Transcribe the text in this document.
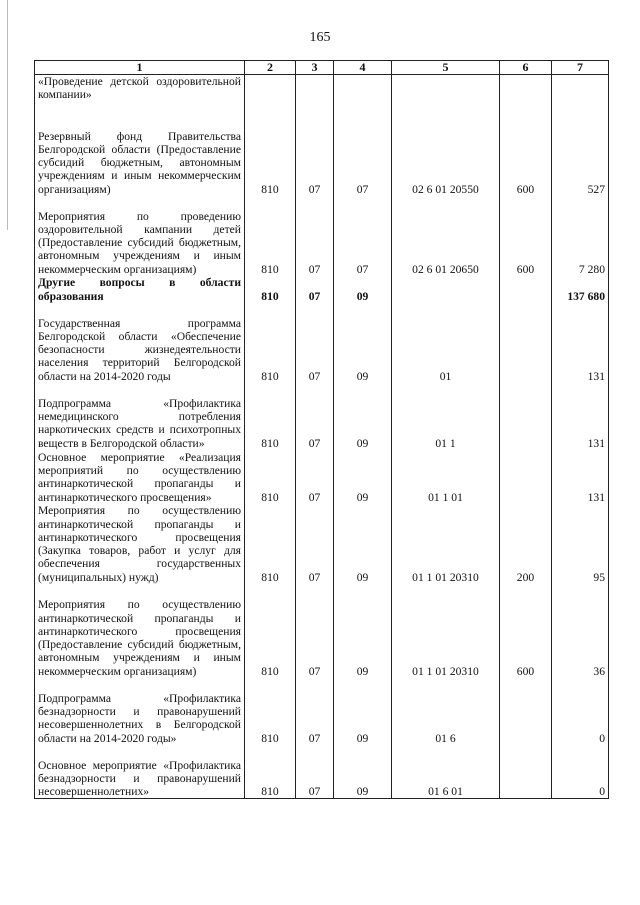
165
1	2	3	4	5	6	7
«Проведение детской оздоровительной компании»						
Резервный фонд Правительства Белгородской области (Предоставление субсидий бюджетным, автономным учреждениям и иным некоммерческим организациям)	810	07	07	02 6 01 20550	600	527
Мероприятия по проведению оздоровительной кампании детей (Предоставление субсидий бюджетным, автономным учреждениям и иным некоммерческим организациям)	810	07	07	02 6 01 20650	600	7 280
Другие вопросы в области образования	810	07	09			137 680
Государственная программа Белгородской области «Обеспечение безопасности жизнедеятельности населения территорий Белгородской области на 2014-2020 годы	810	07	09	01		131
Подпрограмма «Профилактика немедицинского потребления наркотических средств и психотропных веществ в Белгородской области»	810	07	09	01 1		131
Основное мероприятие «Реализация мероприятий по осуществлению антинаркотической пропаганды и антинаркотического просвещения»	810	07	09	01 1 01		131
Мероприятия по осуществлению антинаркотической пропаганды и антинаркотического просвещения (Закупка товаров, работ и услуг для обеспечения государственных (муниципальных) нужд)	810	07	09	01 1 01 20310	200	95
Мероприятия по осуществлению антинаркотической пропаганды и антинаркотического просвещения (Предоставление субсидий бюджетным, автономным учреждениям и иным некоммерческим организациям)	810	07	09	01 1 01 20310	600	36
Подпрограмма «Профилактика безнадзорности и правонарушений несовершеннолетних в Белгородской области на 2014-2020 годы»	810	07	09	01 6		0
Основное мероприятие «Профилактика безнадзорности и правонарушений несовершеннолетних»	810	07	09	01 6 01		0
